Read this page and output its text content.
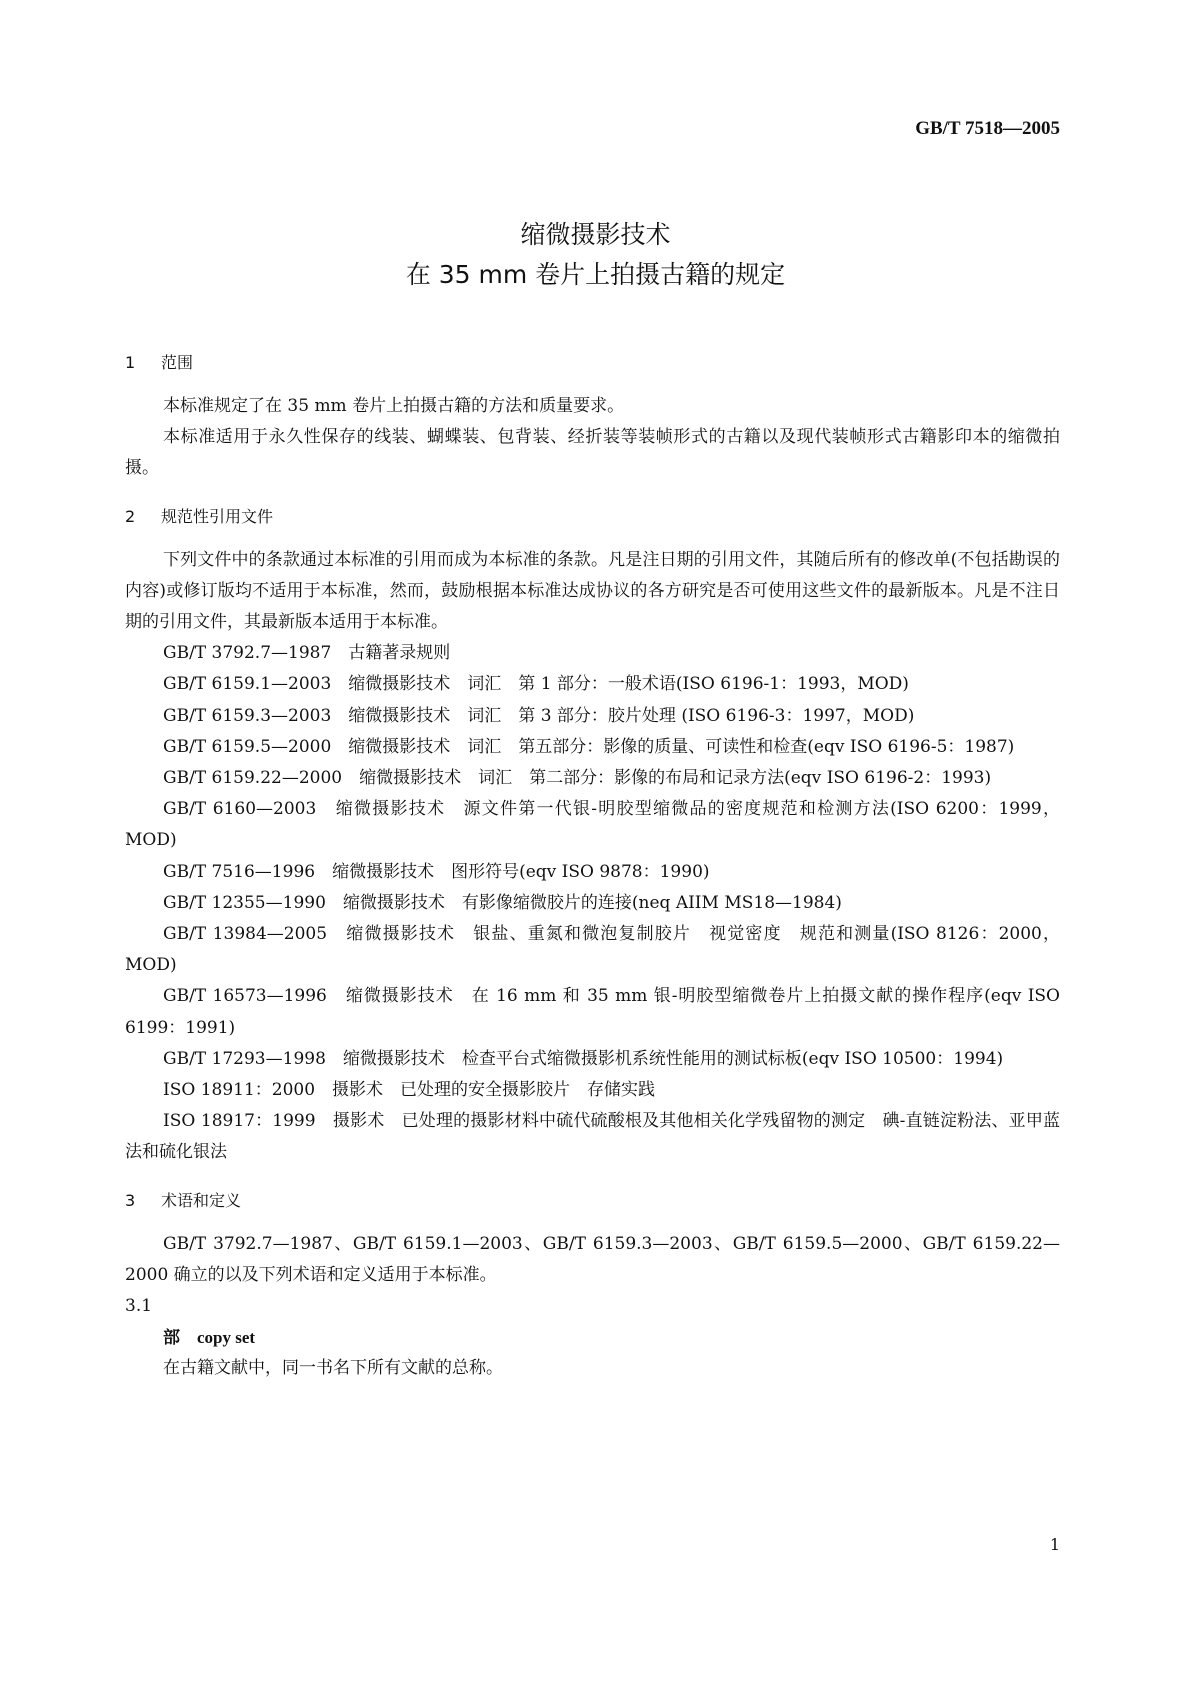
GB/T 7518—2005
缩微摄影技术
在 35 mm 卷片上拍摄古籍的规定
1 范围

本标准规定了在 35 mm 卷片上拍摄古籍的方法和质量要求。

本标准适用于永久性保存的线装、蝴蝶装、包背装、经折装等装帧形式的古籍以及现代装帧形式古籍影印本的缩微拍摄。

2 规范性引用文件

下列文件中的条款通过本标准的引用而成为本标准的条款。凡是注日期的引用文件，其随后所有的修改单(不包括勘误的内容)或修订版均不适用于本标准，然而，鼓励根据本标准达成协议的各方研究是否可使用这些文件的最新版本。凡是不注日期的引用文件，其最新版本适用于本标准。

GB/T 3792.7—1987　古籍著录规则

GB/T 6159.1—2003　缩微摄影技术　词汇　第 1 部分：一般术语(ISO 6196-1：1993，MOD)

GB/T 6159.3—2003　缩微摄影技术　词汇　第 3 部分：胶片处理 (ISO 6196-3：1997，MOD)

GB/T 6159.5—2000　缩微摄影技术　词汇　第五部分：影像的质量、可读性和检查(eqv ISO 6196-5：1987)

GB/T 6159.22—2000　缩微摄影技术　词汇　第二部分：影像的布局和记录方法(eqv ISO 6196-2：1993)

GB/T 6160—2003　缩微摄影技术　源文件第一代银-明胶型缩微品的密度规范和检测方法(ISO 6200：1999，MOD)

GB/T 7516—1996　缩微摄影技术　图形符号(eqv ISO 9878：1990)

GB/T 12355—1990　缩微摄影技术　有影像缩微胶片的连接(neq AIIM MS18—1984)

GB/T 13984—2005　缩微摄影技术　银盐、重氮和微泡复制胶片　视觉密度　规范和测量(ISO 8126：2000，MOD)

GB/T 16573—1996　缩微摄影技术　在 16 mm 和 35 mm 银-明胶型缩微卷片上拍摄文献的操作程序(eqv ISO 6199：1991)

GB/T 17293—1998　缩微摄影技术　检查平台式缩微摄影机系统性能用的测试标板(eqv ISO 10500：1994)

ISO 18911：2000　摄影术　已处理的安全摄影胶片　存储实践

ISO 18917：1999　摄影术　已处理的摄影材料中硫代硫酸根及其他相关化学残留物的测定　碘-直链淀粉法、亚甲蓝法和硫化银法

3 术语和定义

GB/T 3792.7—1987、GB/T 6159.1—2003、GB/T 6159.3—2003、GB/T 6159.5—2000、GB/T 6159.22—2000 确立的以及下列术语和定义适用于本标准。

3.1
部　copy set

在古籍文献中，同一书名下所有文献的总称。

1
